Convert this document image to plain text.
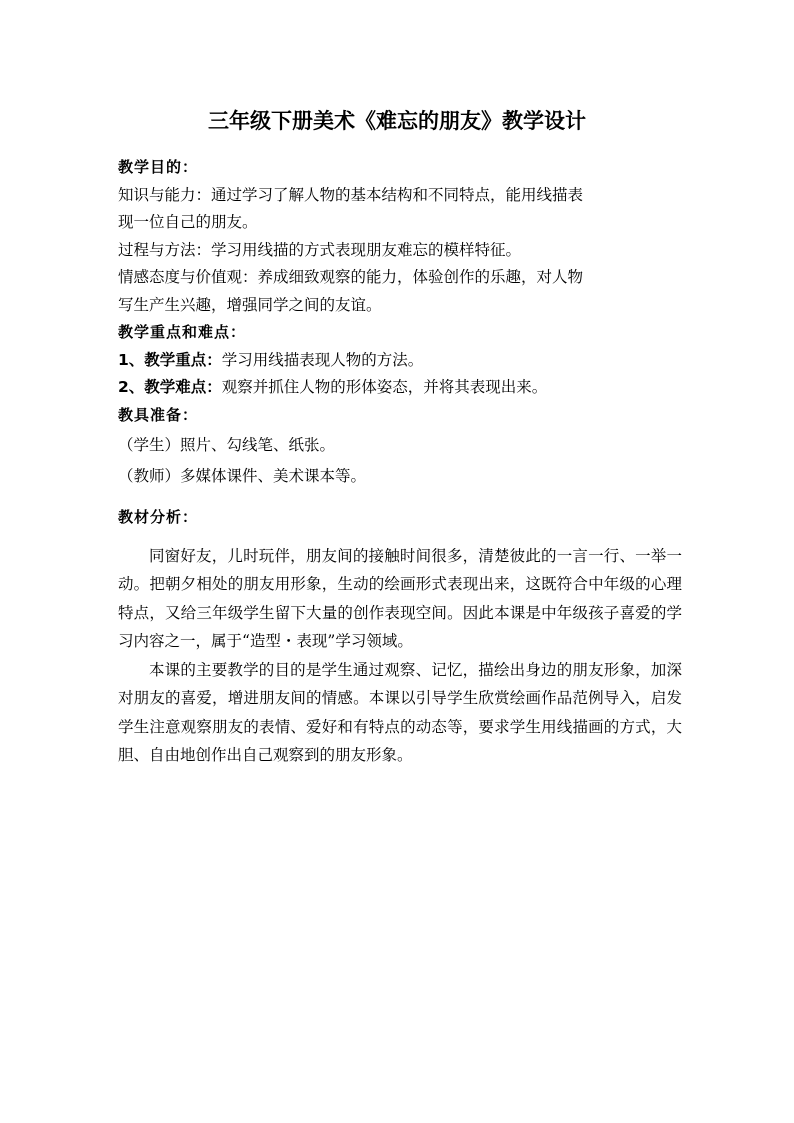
三年级下册美术《难忘的朋友》教学设计

教学目的：

知识与能力：通过学习了解人物的基本结构和不同特点，能用线描表

现一位自己的朋友。

过程与方法：学习用线描的方式表现朋友难忘的模样特征。

情感态度与价值观：养成细致观察的能力，体验创作的乐趣，对人物

写生产生兴趣，增强同学之间的友谊。

教学重点和难点：

1、教学重点：学习用线描表现人物的方法。

2、教学难点：观察并抓住人物的形体姿态，并将其表现出来。

教具准备：

（学生）照片、勾线笔、纸张。

（教师）多媒体课件、美术课本等。

教材分析：

同窗好友，儿时玩伴，朋友间的接触时间很多，清楚彼此的一言一行、一举一动。把朝夕相处的朋友用形象，生动的绘画形式表现出来，这既符合中年级的心理特点，又给三年级学生留下大量的创作表现空间。因此本课是中年级孩子喜爱的学习内容之一，属于“造型・表现”学习领域。

本课的主要教学的目的是学生通过观察、记忆，描绘出身边的朋友形象，加深对朋友的喜爱，增进朋友间的情感。本课以引导学生欣赏绘画作品范例导入，启发学生注意观察朋友的表情、爱好和有特点的动态等，要求学生用线描画的方式，大胆、自由地创作出自己观察到的朋友形象。
